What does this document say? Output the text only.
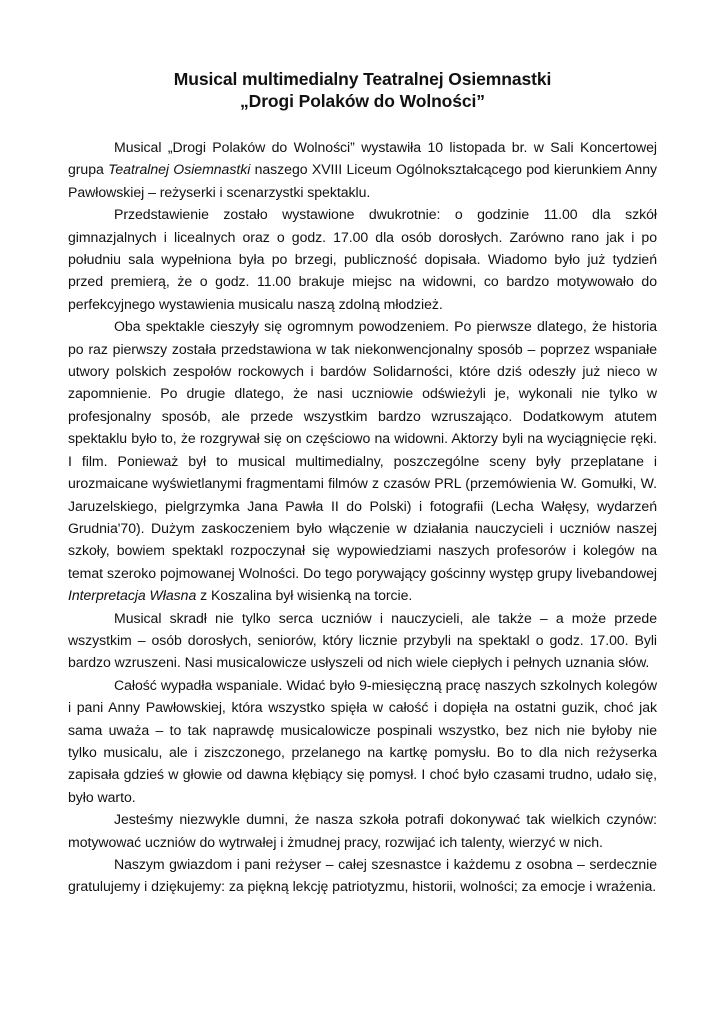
Musical multimedialny Teatralnej Osiemnastki
„Drogi Polaków do Wolności”

Musical „Drogi Polaków do Wolności” wystawiła 10 listopada br. w Sali Koncertowej grupa Teatralnej Osiemnastki naszego XVIII Liceum Ogólnokształcącego pod kierunkiem Anny Pawłowskiej – reżyserki i scenarzystki spektaklu.

Przedstawienie zostało wystawione dwukrotnie: o godzinie 11.00 dla szkół gimnazjalnych i licealnych oraz o godz. 17.00 dla osób dorosłych. Zarówno rano jak i po południu sala wypełniona była po brzegi, publiczność dopisała. Wiadomo było już tydzień przed premierą, że o godz. 11.00 brakuje miejsc na widowni, co bardzo motywowało do perfekcyjnego wystawienia musicalu naszą zdolną młodzież.

Oba spektakle cieszyły się ogromnym powodzeniem. Po pierwsze dlatego, że historia po raz pierwszy została przedstawiona w tak niekonwencjonalny sposób – poprzez wspaniałe utwory polskich zespołów rockowych i bardów Solidarności, które dziś odeszły już nieco w zapomnienie. Po drugie dlatego, że nasi uczniowie odświeżyli je, wykonali nie tylko w profesjonalny sposób, ale przede wszystkim bardzo wzruszająco. Dodatkowym atutem spektaklu było to, że rozgrywał się on częściowo na widowni. Aktorzy byli na wyciągnięcie ręki. I film. Ponieważ był to musical multimedialny, poszczególne sceny były przeplatane i urozmaicane wyświetlanymi fragmentami filmów z czasów PRL (przemówienia W. Gomułki, W. Jaruzelskiego, pielgrzymka Jana Pawła II do Polski) i fotografii (Lecha Wałęsy, wydarzeń Grudnia'70). Dużym zaskoczeniem było włączenie w działania nauczycieli i uczniów naszej szkoły, bowiem spektakl rozpoczynał się wypowiedziami naszych profesorów i kolegów na temat szeroko pojmowanej Wolności. Do tego porywający gościnny występ grupy livebandowej Interpretacja Własna z Koszalina był wisienką na torcie.

Musical skradł nie tylko serca uczniów i nauczycieli, ale także – a może przede wszystkim – osób dorosłych, seniorów, który licznie przybyli na spektakl o godz. 17.00. Byli bardzo wzruszeni. Nasi musicalowicze usłyszeli od nich wiele ciepłych i pełnych uznania słów.

Całość wypadła wspaniale. Widać było 9-miesięczną pracę naszych szkolnych kolegów i pani Anny Pawłowskiej, która wszystko spięła w całość i dopięła na ostatni guzik, choć jak sama uważa – to tak naprawdę musicalowicze pospinali wszystko, bez nich nie byłoby nie tylko musicalu, ale i ziszczonego, przelanego na kartkę pomysłu. Bo to dla nich reżyserka zapisała gdzieś w głowie od dawna kłębiący się pomysł. I choć było czasami trudno, udało się, było warto.

Jesteśmy niezwykle dumni, że nasza szkoła potrafi dokonywać tak wielkich czynów: motywować uczniów do wytrwałej i żmudnej pracy, rozwijać ich talenty, wierzyć w nich.

Naszym gwiazdom i pani reżyser – całej szesnastce i każdemu z osobna – serdecznie gratulujemy i dziękujemy: za piękną lekcję patriotyzmu, historii, wolności; za emocje i wrażenia.
